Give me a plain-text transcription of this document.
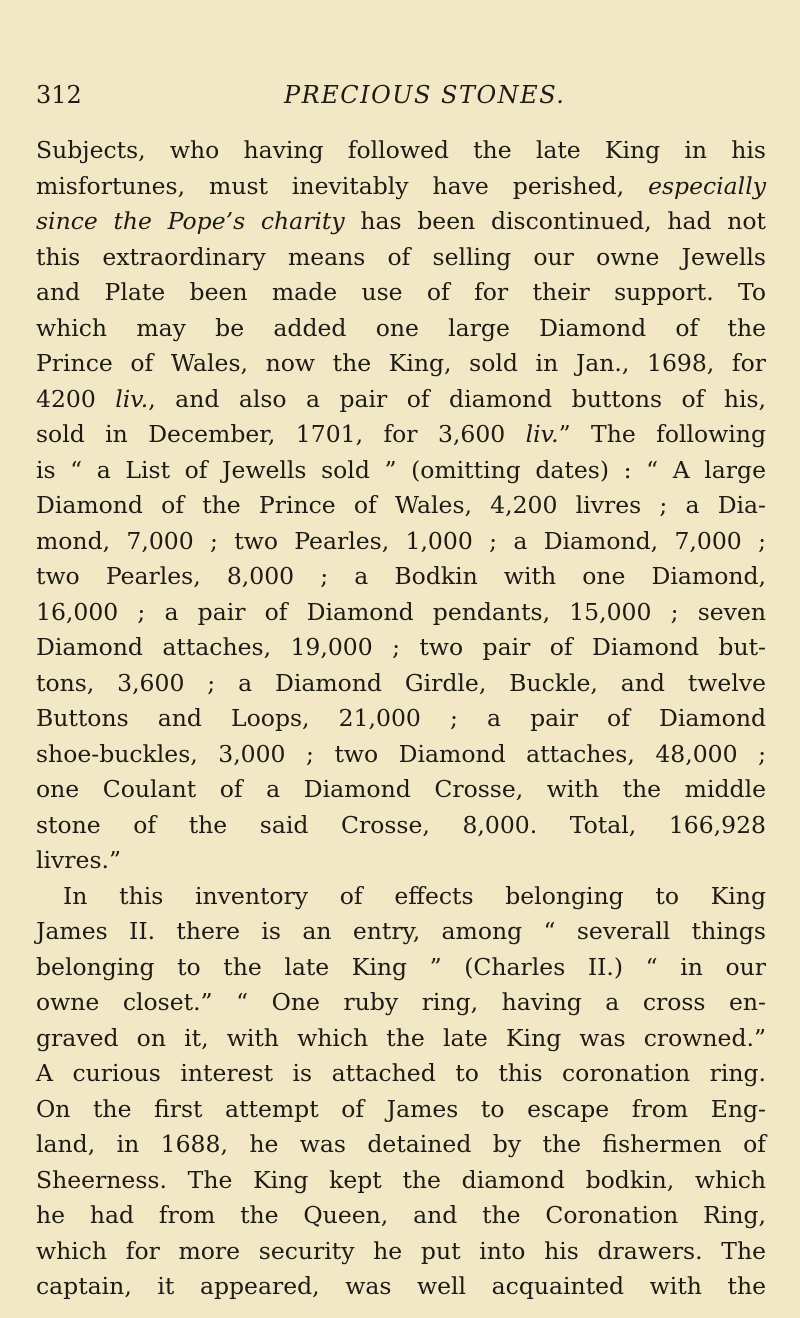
312	PRECIOUS STONES.
Subjects, who having followed the late King in his
misfortunes, must inevitably have perished, especially
since the Pope’s charity has been discontinued, had not
this extraordinary means of selling our owne Jewells
and Plate been made use of for their support. To
which may be added one large Diamond of the
Prince of Wales, now the King, sold in Jan., 1698, for
4200 liv., and also a pair of diamond buttons of his,
sold in December, 1701, for 3,600 liv.” The following
is “ a List of Jewells sold ” (omitting dates) : “ A large
Diamond of the Prince of Wales, 4,200 livres ; a Dia-
mond, 7,000 ; two Pearles, 1,000 ; a Diamond, 7,000 ;
two Pearles, 8,000 ; a Bodkin with one Diamond,
16,000 ; a pair of Diamond pendants, 15,000 ; seven
Diamond attaches, 19,000 ; two pair of Diamond but-
tons, 3,600 ; a Diamond Girdle, Buckle, and twelve
Buttons and Loops, 21,000 ; a pair of Diamond
shoe-buckles, 3,000 ; two Diamond attaches, 48,000 ;
one Coulant of a Diamond Crosse, with the middle
stone of the said Crosse, 8,000. Total, 166,928
livres.”
In this inventory of effects belonging to King
James II. there is an entry, among “ severall things
belonging to the late King ” (Charles II.) “ in our
owne closet.” “ One ruby ring, having a cross en-
graved on it, with which the late King was crowned.”
A curious interest is attached to this coronation ring.
On the first attempt of James to escape from Eng-
land, in 1688, he was detained by the fishermen of
Sheerness. The King kept the diamond bodkin, which
he had from the Queen, and the Coronation Ring,
which for more security he put into his drawers. The
captain, it appeared, was well acquainted with the
